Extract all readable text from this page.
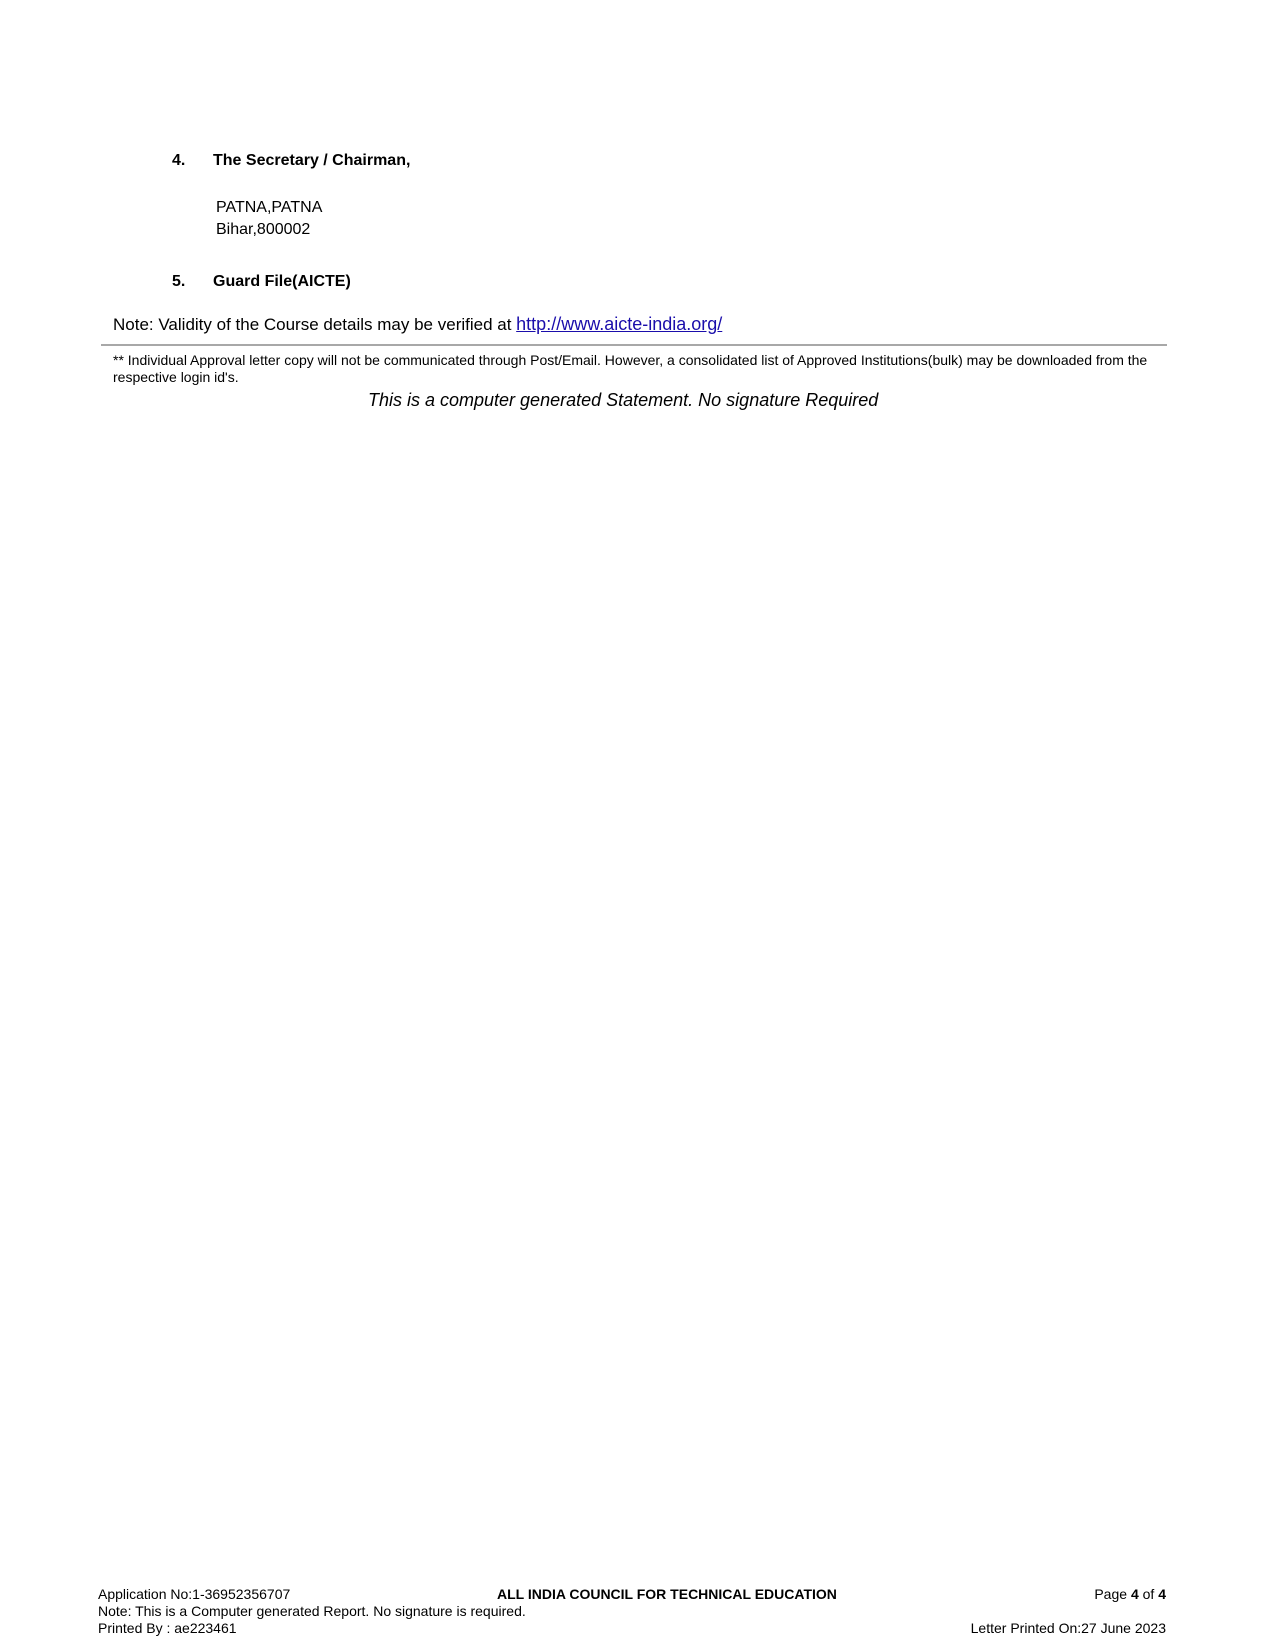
4. The Secretary / Chairman,
PATNA,PATNA
Bihar,800002
5. Guard File(AICTE)
Note: Validity of the Course details may be verified at http://www.aicte-india.org/
** Individual Approval letter copy will not be communicated through Post/Email. However, a consolidated list of Approved Institutions(bulk) may be downloaded from the respective login id's.
This is a computer generated Statement. No signature Required
Application No:1-36952356707	ALL INDIA COUNCIL FOR TECHNICAL EDUCATION	Page 4 of 4
Note: This is a Computer generated Report. No signature is required.
Printed By : ae223461	Letter Printed On:27 June 2023
